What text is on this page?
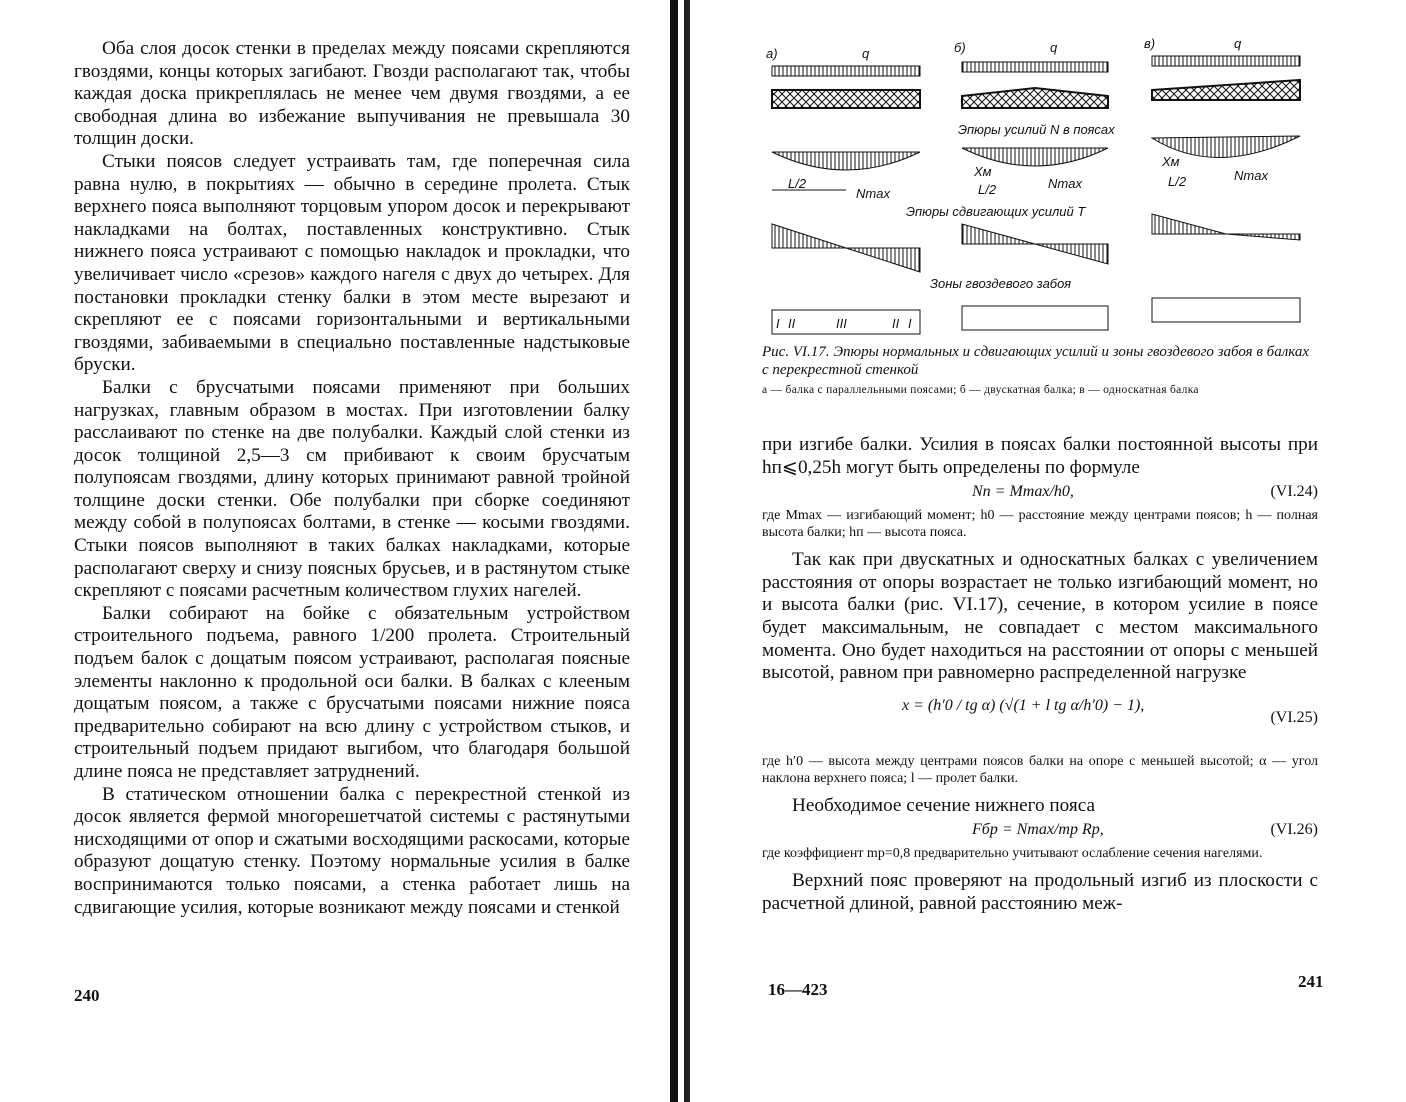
Оба слоя досок стенки в пределах между поясами скрепляются гвоздями, концы которых загибают. Гвозди располагают так, чтобы каждая доска прикреплялась не менее чем двумя гвоздями, а ее свободная длина во избежание выпучивания не превышала 30 толщин доски.

Стыки поясов следует устраивать там, где поперечная сила равна нулю, в покрытиях — обычно в середине пролета. Стык верхнего пояса выполняют торцовым упором досок и перекрывают накладками на болтах, поставленных конструктивно. Стык нижнего пояса устраивают с помощью накладок и прокладки, что увеличивает число «срезов» каждого нагеля с двух до четырех. Для постановки прокладки стенку балки в этом месте вырезают и скрепляют ее с поясами горизонтальными и вертикальными гвоздями, забиваемыми в специально поставленные надстыковые бруски.

Балки с брусчатыми поясами применяют при больших нагрузках, главным образом в мостах. При изготовлении балку расслаивают по стенке на две полубалки. Каждый слой стенки из досок толщиной 2,5—3 см прибивают к своим брусчатым полупоясам гвоздями, длину которых принимают равной тройной толщине доски стенки. Обе полубалки при сборке соединяют между собой в полупоясах болтами, в стенке — косыми гвоздями. Стыки поясов выполняют в таких балках накладками, которые располагают сверху и снизу поясных брусьев, и в растянутом стыке скрепляют с поясами расчетным количеством глухих нагелей.

Балки собирают на бойке с обязательным устройством строительного подъема, равного 1/200 пролета. Строительный подъем балок с дощатым поясом устраивают, располагая поясные элементы наклонно к продольной оси балки. В балках с клееным дощатым поясом, а также с брусчатыми поясами нижние пояса предварительно собирают на всю длину с устройством стыков, и строительный подъем придают выгибом, что благодаря большой длине пояса не представляет затруднений.

В статическом отношении балка с перекрестной стенкой из досок является фермой многорешетчатой системы с растянутыми нисходящими от опор и сжатыми восходящими раскосами, которые образуют дощатую стенку. Поэтому нормальные усилия в балке воспринимаются только поясами, а стенка работает лишь на сдвигающие усилия, которые возникают между поясами и стенкой

240
а)	q
L/2
Nmax
I II	III	II I
б)	q
Эпюры усилий N в поясах
Xм
L/2	Nmax
Эпюры сдвигающих усилий Т
Зоны гвоздевого забоя
в)	q
Xм
L/2	Nmax
Рис. VI.17. Эпюры нормальных и сдвигающих усилий и зоны гвоздевого забоя в балках с перекрестной стенкой
а — балка с параллельными поясами; б — двускатная балка; в — односкатная балка

при изгибе балки. Усилия в поясах балки постоянной высоты при hп⩽0,25h могут быть определены по формуле

Nп = Mmax/h0,	(VI.24)

где Mmax — изгибающий момент; h0 — расстояние между центрами поясов; h — полная высота балки; hп — высота пояса.

Так как при двускатных и односкатных балках с увеличением расстояния от опоры возрастает не только изгибающий момент, но и высота балки (рис. VI.17), сечение, в котором усилие в поясе будет максимальным, не совпадает с местом максимального момента. Оно будет находиться на расстоянии от опоры с меньшей высотой, равном при равномерно распределенной нагрузке

x = (h′0 / tg α) (√(1 + l tg α/h′0) − 1),
(VI.25)

где h′0 — высота между центрами поясов балки на опоре с меньшей высотой; α — угол наклона верхнего пояса; l — пролет балки.

Необходимое сечение нижнего пояса

Fбр = Nmax/mр Rр,	(VI.26)

где коэффициент mр=0,8 предварительно учитывают ослабление сечения нагелями.

Верхний пояс проверяют на продольный изгиб из плоскости с расчетной длиной, равной расстоянию меж-

16—423	241
